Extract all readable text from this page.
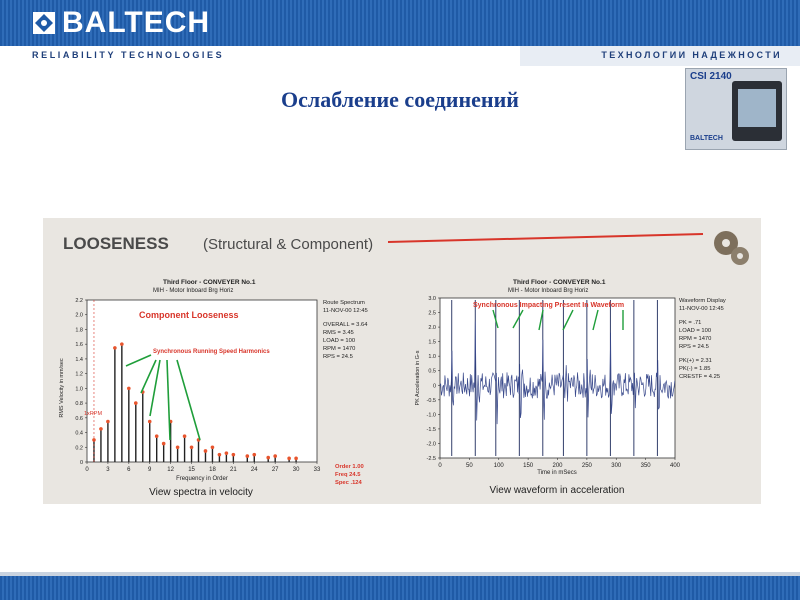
BALTECH
RELIABILITY TECHNOLOGIES	ТЕХНОЛОГИИ НАДЕЖНОСТИ
Ослабление соединений
CSI 2140
BALTECH
LOOSENESS (Structural & Component)
Third Floor - CONVEYER No.1
MIH - Motor Inboard Brg Horiz
0
0.2
0.4
0.6
0.8
1.0
1.2
1.4
1.6
1.8
2.0
2.2
0	3	6	9	12 15 18 21 24 27 30 33
RMS Velocity in mm/sec
Frequency in Order
View spectra in velocity
Component Looseness
Synchronous Running Speed Harmonics
1xRPM
Route Spectrum
11-NOV-00 12:45
OVERALL = 3.64
RMS = 3.45
LOAD = 100
RPM = 1470
RPS = 24.5
Order 1.00
Freq 24.5
Spec .124
Third Floor - CONVEYER No.1
MIH - Motor Inboard Brg Horiz
3.0
2.5
2.0
1.5
1.0
0.5
0
-0.5
-1.0
-1.5
-2.0
-2.5
0	50	100	150	200	250	300	350	400
PK Acceleration in G-s
Time in mSecs
View waveform in acceleration
Synchronous Impacting Present In Waveform
Waveform Display
11-NOV-00 12:45
PK = .71
LOAD = 100
RPM = 1470
RPS = 24.5
PK(+) = 2.31
PK(-) = 1.85
CRESTF = 4.25
